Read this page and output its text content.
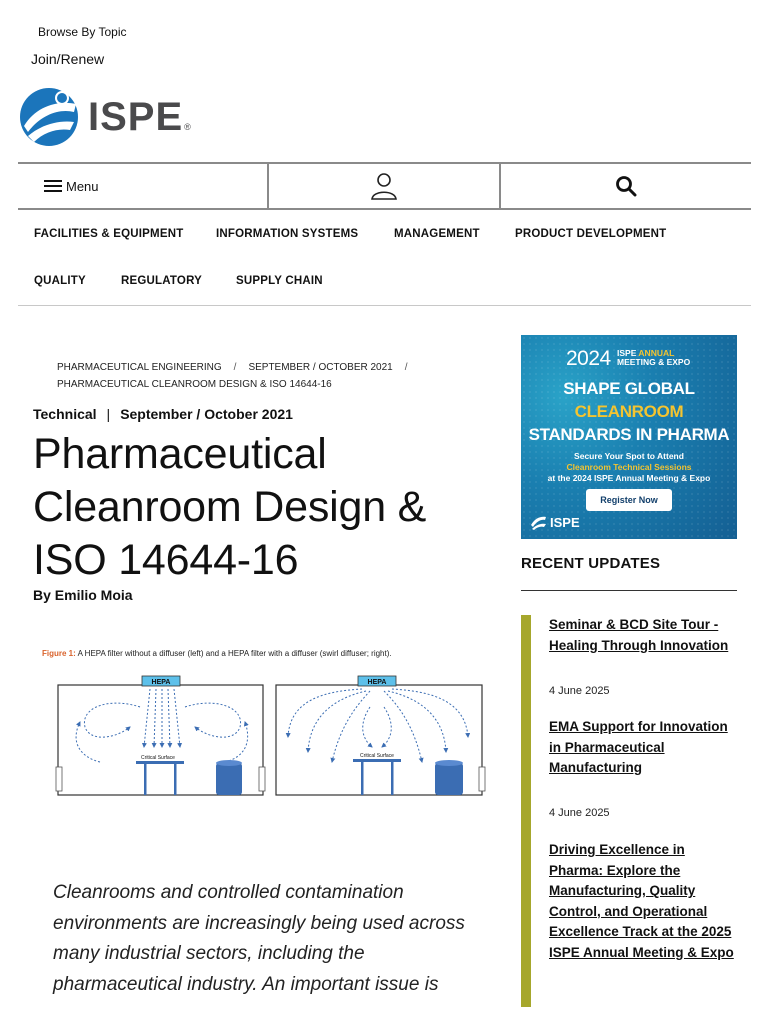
Browse By Topic
Join/Renew
ISPE ®
Menu
FACILITIES & EQUIPMENT	INFORMATION SYSTEMS	MANAGEMENT	PRODUCT DEVELOPMENT
QUALITY	REGULATORY	SUPPLY CHAIN
PHARMACEUTICAL ENGINEERING / SEPTEMBER / OCTOBER 2021 /
PHARMACEUTICAL CLEANROOM DESIGN & ISO 14644-16
Technical | September / October 2021
Pharmaceutical Cleanroom Design & ISO 14644-16
By Emilio Moia
Figure 1: A HEPA filter without a diffuser (left) and a HEPA filter with a diffuser (swirl diffuser; right).
HEPA
Critical Surface
HEPA
Critical Surface

Cleanrooms and controlled contamination environments are increasingly being used across many industrial sectors, including the pharmaceutical industry. An important issue is

2024 ISPE ANNUAL
MEETING & EXPO
SHAPE GLOBAL
CLEANROOM
STANDARDS IN PHARMA
Secure Your Spot to Attend
Cleanroom Technical Sessions
at the 2024 ISPE Annual Meeting & Expo
Register Now
ISPE
RECENT UPDATES
Seminar & BCD Site Tour - Healing Through Innovation
4 June 2025
EMA Support for Innovation in Pharmaceutical Manufacturing
4 June 2025
Driving Excellence in Pharma: Explore the Manufacturing, Quality Control, and Operational Excellence Track at the 2025 ISPE Annual Meeting & Expo
